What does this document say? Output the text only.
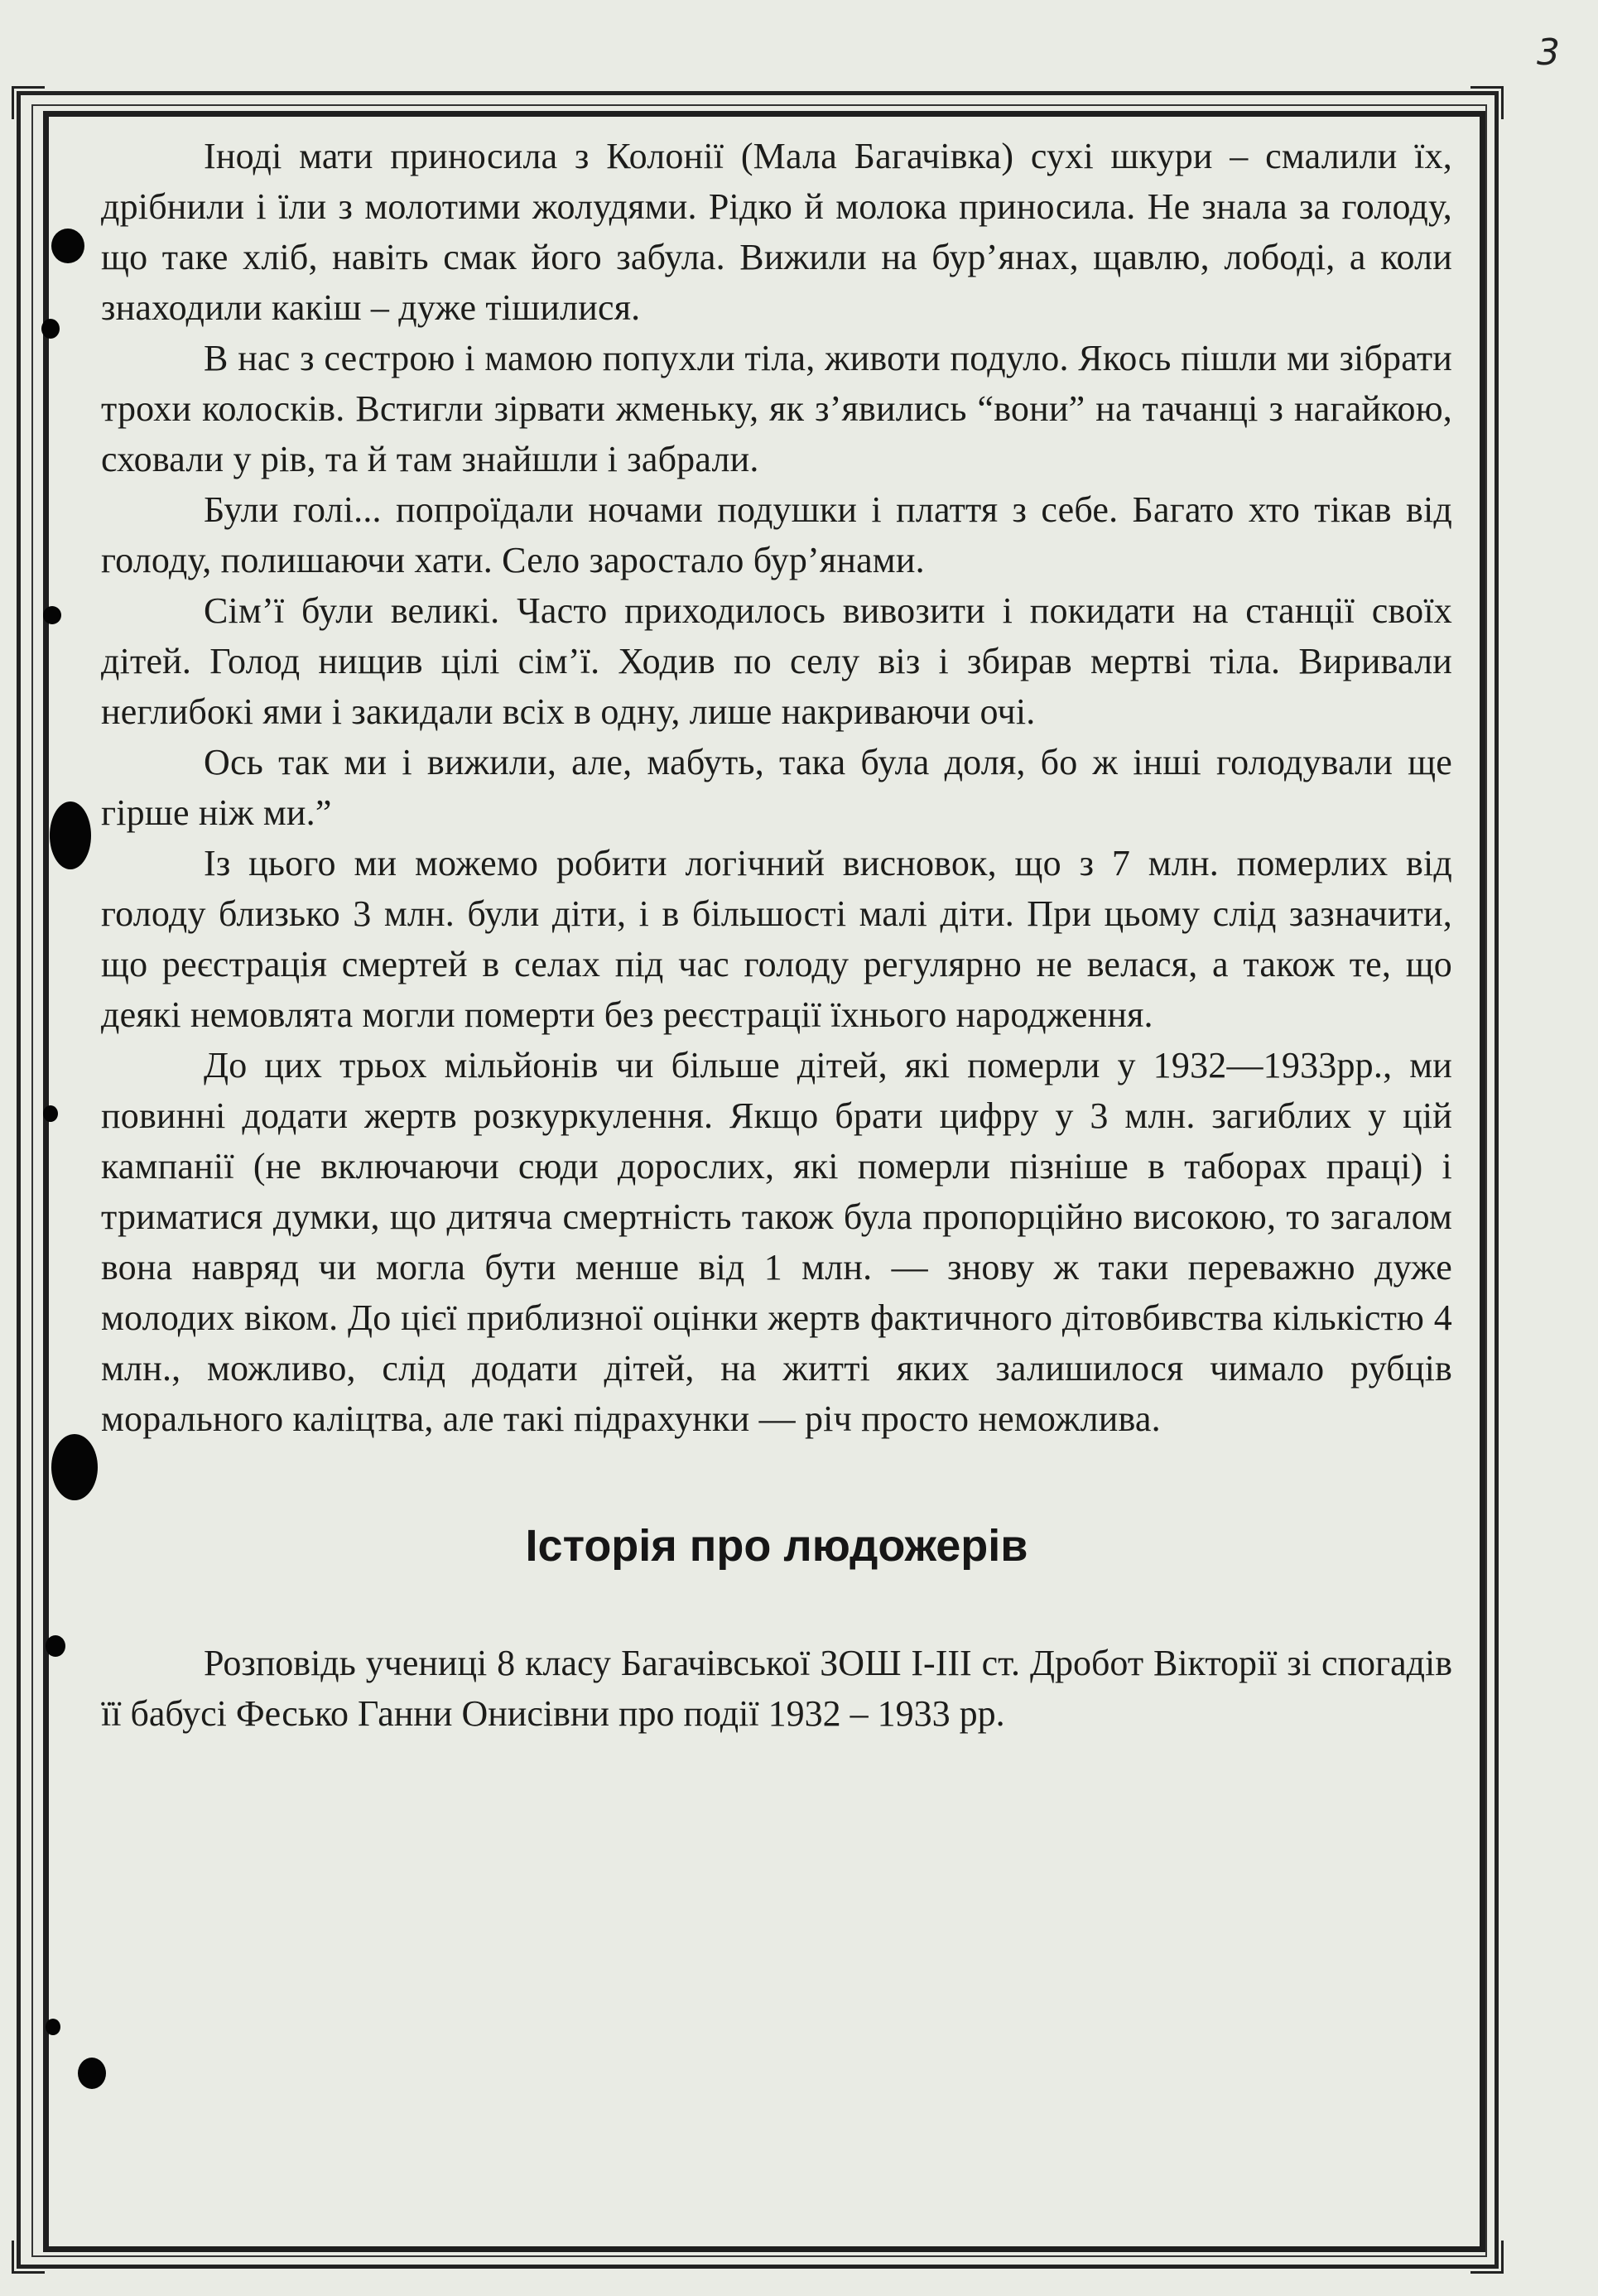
3

Іноді мати приносила з Колонії (Мала Багачівка) сухі шкури – смалили їх, дрібнили і їли з молотими жолудями. Рідко й молока приносила. Не знала за голоду, що таке хліб, навіть смак його забула. Вижили на бур’янах, щавлю, лободі, а коли знаходили какіш – дуже тішилися.

В нас з сестрою і мамою попухли тіла, животи подуло. Якось пішли ми зібрати трохи колосків. Встигли зірвати жменьку, як з’явились “вони” на тачанці з нагайкою, сховали у рів, та й там знайшли і забрали.

Були голі... попроїдали ночами подушки і плаття з себе. Багато хто тікав від голоду, полишаючи хати. Село заростало бур’янами.

Сім’ї були великі. Часто приходилось вивозити і покидати на станції своїх дітей. Голод нищив цілі сім’ї. Ходив по селу віз і збирав мертві тіла. Виривали неглибокі ями і закидали всіх в одну, лише накриваючи очі.

Ось так ми і вижили, але, мабуть, така була доля, бо ж інші голодували ще гірше ніж ми.”

Із цього ми можемо робити логічний висновок, що з 7 млн. померлих від голоду близько 3 млн. були діти, і в більшості малі діти. При цьому слід зазначити, що реєстрація смертей в селах під час голоду регулярно не велася, а також те, що деякі немовлята могли померти без реєстрації їхнього народження.

До цих трьох мільйонів чи більше дітей, які померли у 1932—1933рр., ми повинні додати жертв розкуркулення. Якщо брати цифру у 3 млн. загиблих у цій кампанії (не включаючи сюди дорослих, які померли пізніше в таборах праці) і триматися думки, що дитяча смертність також була пропорційно високою, то загалом вона навряд чи могла бути менше від 1 млн. — знову ж таки переважно дуже молодих віком. До цієї приблизної оцінки жертв фактичного дітовбивства кількістю 4 млн., можливо, слід додати дітей, на житті яких залишилося чимало рубців морального каліцтва, але такі підрахунки — річ просто неможлива.

Історія про людожерів

Розповідь учениці 8 класу Багачівської ЗОШ І-ІІІ ст. Дробот Вікторії зі спогадів її бабусі Фесько Ганни Онисівни про події 1932 – 1933 рр.
